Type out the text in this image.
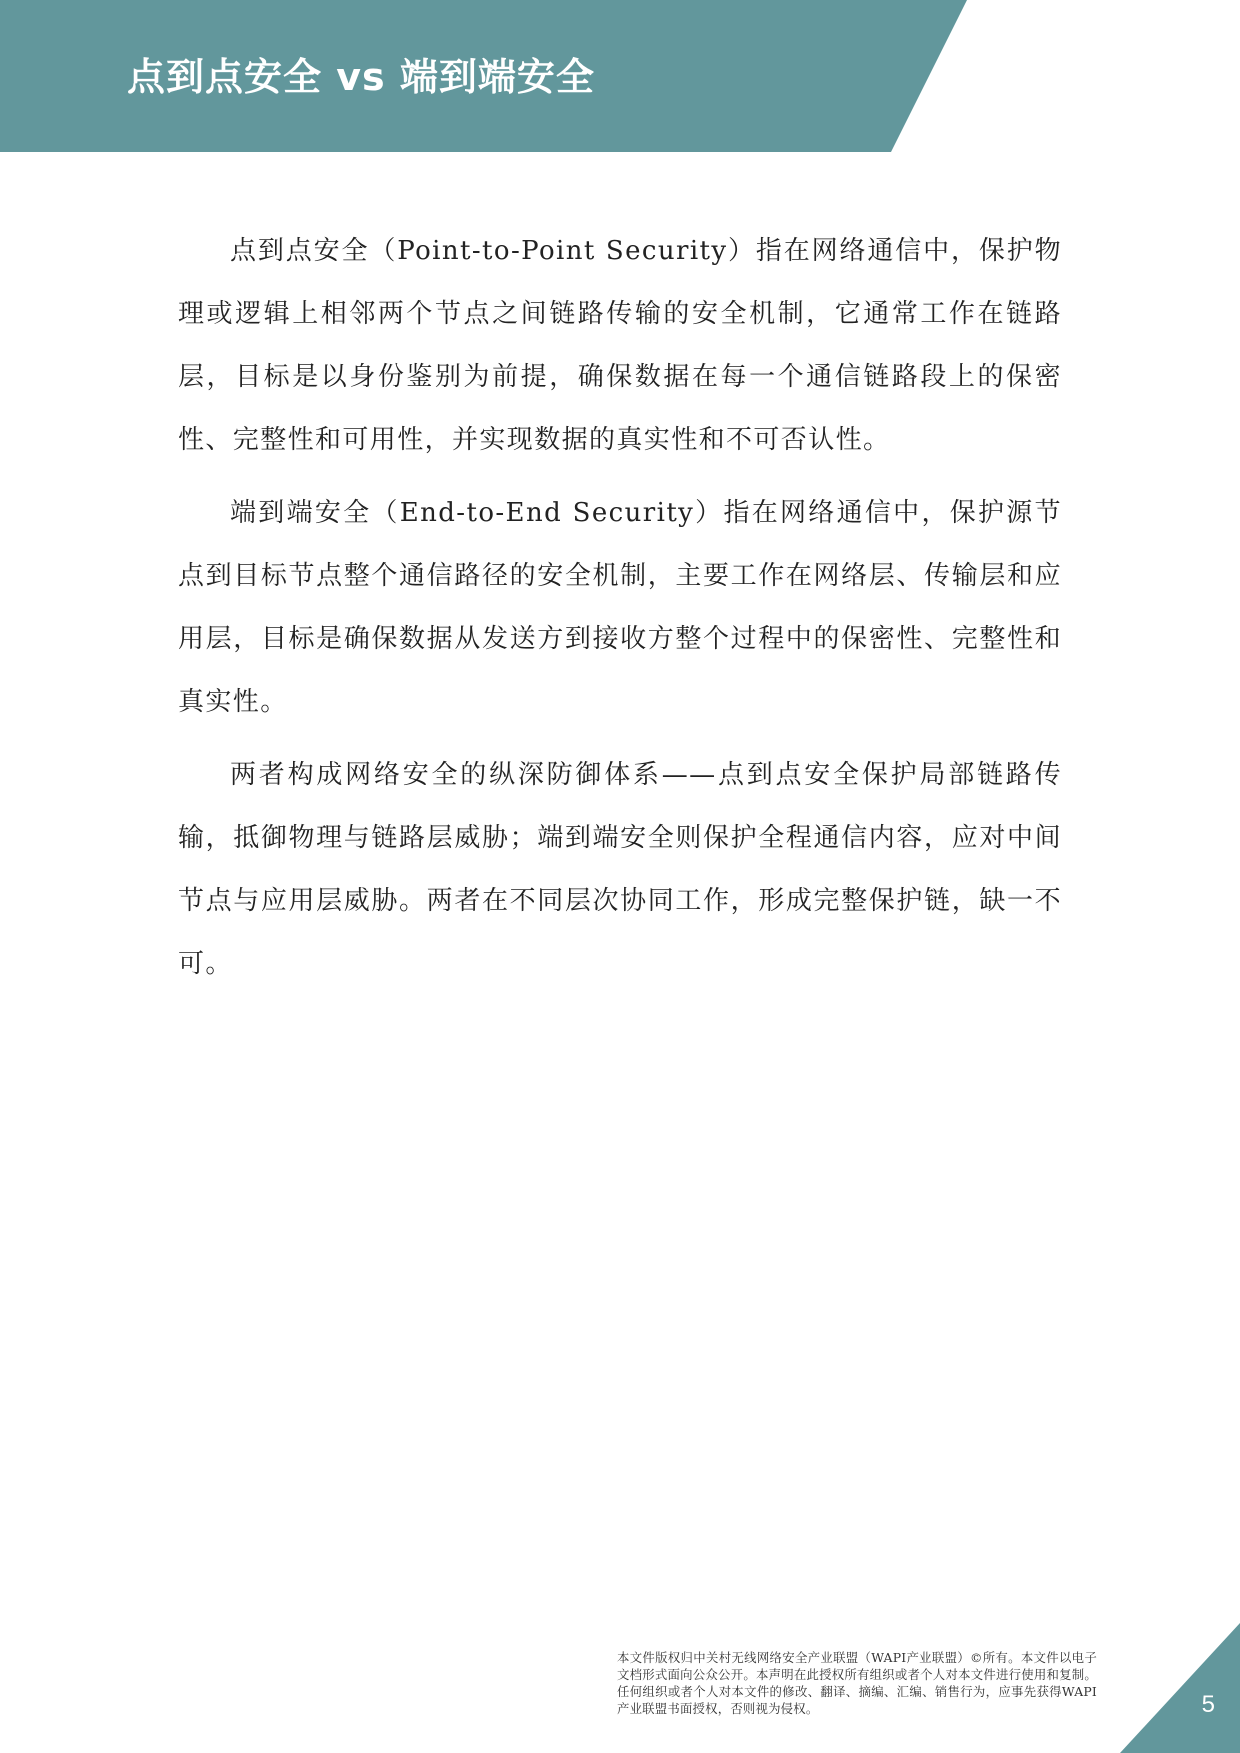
点到点安全 vs 端到端安全

点到点安全（Point-to-Point Security）指在网络通信中，保护物理或逻辑上相邻两个节点之间链路传输的安全机制，它通常工作在链路层，目标是以身份鉴别为前提，确保数据在每一个通信链路段上的保密性、完整性和可用性，并实现数据的真实性和不可否认性。

端到端安全（End-to-End Security）指在网络通信中，保护源节点到目标节点整个通信路径的安全机制，主要工作在网络层、传输层和应用层，目标是确保数据从发送方到接收方整个过程中的保密性、完整性和真实性。

两者构成网络安全的纵深防御体系——点到点安全保护局部链路传输，抵御物理与链路层威胁；端到端安全则保护全程通信内容，应对中间节点与应用层威胁。两者在不同层次协同工作，形成完整保护链，缺一不可。

本文件版权归中关村无线网络安全产业联盟（WAPI产业联盟）©所有。本文件以电子文档形式面向公众公开。本声明在此授权所有组织或者个人对本文件进行使用和复制。任何组织或者个人对本文件的修改、翻译、摘编、汇编、销售行为，应事先获得WAPI产业联盟书面授权，否则视为侵权。	5
